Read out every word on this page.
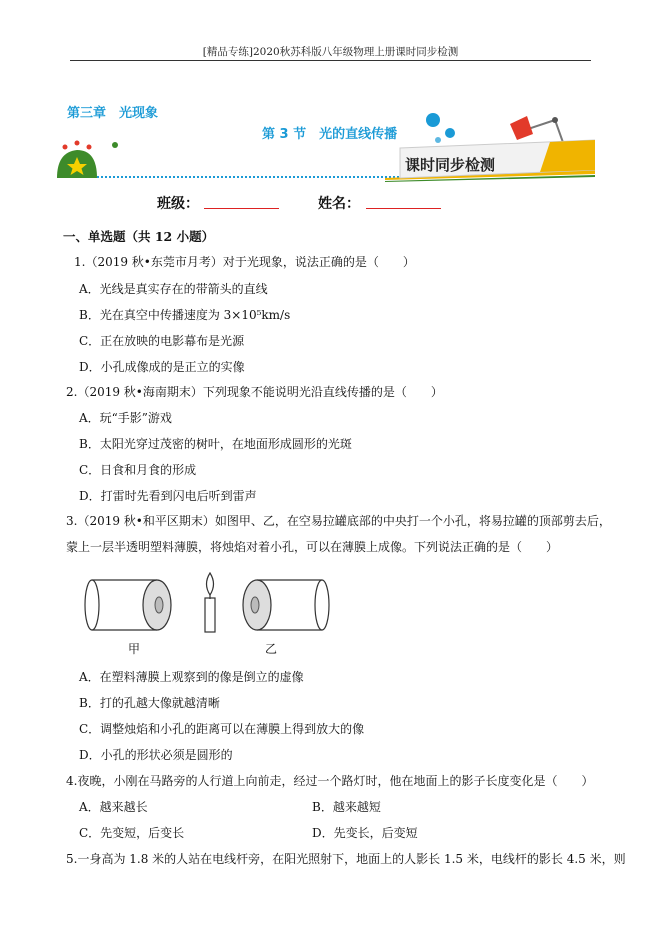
[精品专练]2020秋苏科版八年级物理上册课时同步检测
第三章　光现象
第 3 节　光的直线传播
课时同步检测
班级：	姓名：
一、单选题（共 12 小题）
1.（2019 秋•东莞市月考）对于光现象，说法正确的是（　　）
A．光线是真实存在的带箭头的直线
B．光在真空中传播速度为 3×10⁵km/s
C．正在放映的电影幕布是光源
D．小孔成像成的是正立的实像
2.（2019 秋•海南期末）下列现象不能说明光沿直线传播的是（　　）
A．玩“手影”游戏
B．太阳光穿过茂密的树叶，在地面形成圆形的光斑
C．日食和月食的形成
D．打雷时先看到闪电后听到雷声
3.（2019 秋•和平区期末）如图甲、乙，在空易拉罐底部的中央打一个小孔，将易拉罐的顶部剪去后，
蒙上一层半透明塑料薄膜，将烛焰对着小孔，可以在薄膜上成像。下列说法正确的是（　　）
甲	乙
A．在塑料薄膜上观察到的像是倒立的虚像
B．打的孔越大像就越清晰
C．调整烛焰和小孔的距离可以在薄膜上得到放大的像
D．小孔的形状必须是圆形的
4.夜晚，小刚在马路旁的人行道上向前走，经过一个路灯时，他在地面上的影子长度变化是（　　）
A．越来越长	B．越来越短
C．先变短，后变长	D．先变长，后变短
5.一身高为 1.8 米的人站在电线杆旁，在阳光照射下，地面上的人影长 1.5 米，电线杆的影长 4.5 米，则
